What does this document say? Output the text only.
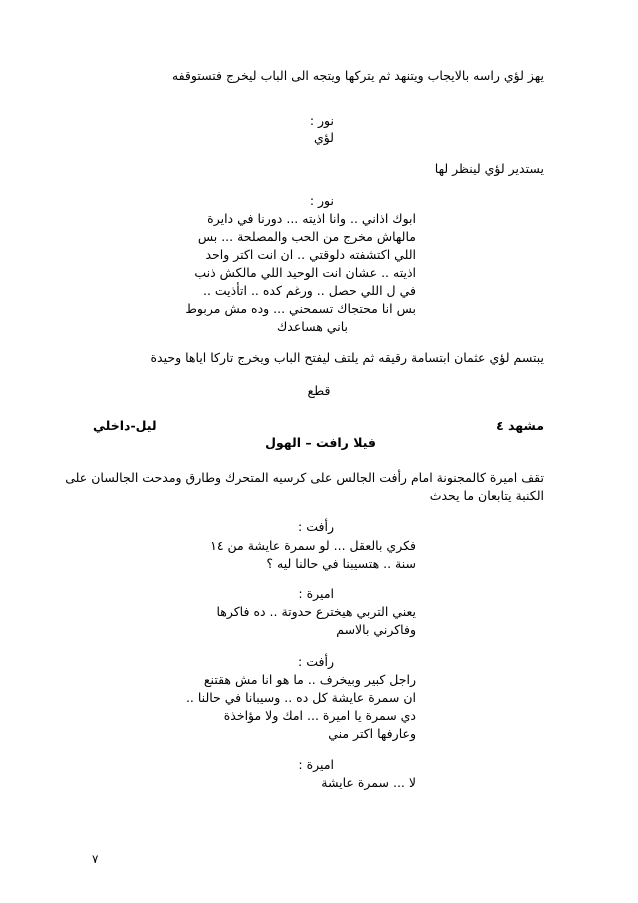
يهز لؤي راسه بالايجاب ويتنهد ثم يتركها ويتجه الى الباب ليخرج فتستوقفه
نور :
لؤي
يستدير لؤي لينظر لها
نور :
ابوك اذاني .. وانا اذيته ... دورنا في دايرة
مالهاش مخرج من الحب والمصلحة ... بس
اللي اكتشفته دلوقتي .. ان انت اكتر واحد
اذيته .. عشان انت الوحيد اللي مالكش ذنب
في ل اللي حصل .. ورغم كده .. اتأذيت ..
بس انا محتجاك تسمحني ... وده مش مربوط
باني هساعدك
يبتسم لؤي عثمان ابتسامة رقيقه ثم يلتف ليفتح الباب ويخرج تاركا اياها وحيدة
قطع
مشهد ٤
ليل-داخلي
فيلا رافت – الهول
تقف اميرة كالمجنونة امام رأفت الجالس على كرسيه المتحرك وطارق ومدحت الجالسان على
الكنبة يتابعان ما يحدث
رأفت :
فكري بالعقل ... لو سمرة عايشة من ١٤
سنة .. هتسيبنا في حالنا ليه ؟
اميرة :
يعني التربي هيخترع حدوتة .. ده فاكرها
وفاكرني بالاسم
رأفت :
راجل كبير وبيخرف .. ما هو انا مش هقتنع
ان سمرة عايشة كل ده .. وسيبانا في حالنا ..
دي سمرة يا اميرة ... امك ولا مؤاخذة
وعارفها اكتر مني
اميرة :
لا ... سمرة عايشة
٧
